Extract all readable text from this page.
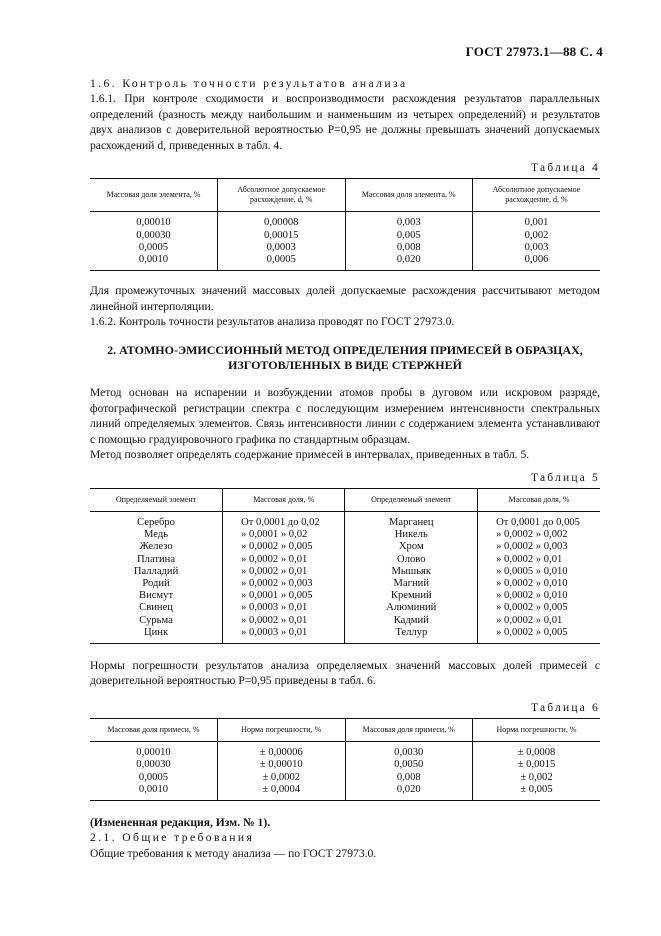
ГОСТ 27973.1—88 С. 4

1.6. Контроль точности результатов анализа

1.6.1. При контроле сходимости и воспроизводимости расхождения результатов параллельных определений (разность между наибольшим и наименьшим из четырех определений) и результатов двух анализов с доверительной вероятностью P=0,95 не должны превышать значений допускаемых расхождений d, приведенных в табл. 4.

Таблица 4
Массовая доля элемента, %	Абсолютное допускаемое расхождение, d, %	Массовая доля элемента, %	Абсолютное допускаемое расхождение, d, %
0,00010	0,00008	0,003	0,001
0,00030	0,00015	0,005	0,002
0,0005	0,0003	0,008	0,003
0,0010	0,0005	0,020	0,006

Для промежуточных значений массовых долей допускаемые расхождения рассчитывают методом линейной интерполяции.

1.6.2. Контроль точности результатов анализа проводят по ГОСТ 27973.0.

2. АТОМНО-ЭМИССИОННЫЙ МЕТОД ОПРЕДЕЛЕНИЯ ПРИМЕСЕЙ В ОБРАЗЦАХ, ИЗГОТОВЛЕННЫХ В ВИДЕ СТЕРЖНЕЙ

Метод основан на испарении и возбуждении атомов пробы в дуговом или искровом разряде, фотографической регистрации спектра с последующим измерением интенсивности спектральных линий определяемых элементов. Связь интенсивности линии с содержанием элемента устанавливают с помощью градуировочного графика по стандартным образцам.

Метод позволяет определять содержание примесей в интервалах, приведенных в табл. 5.

Таблица 5
Определяемый элемент	Массовая доля, %	Определяемый элемент	Массовая доля, %
Серебро	От 0,0001 до 0,02	Марганец	От 0,0001 до 0,005
Медь	» 0,0001 » 0,02	Никель	» 0,0002 » 0,002
Железо	» 0,0002 » 0,005	Хром	» 0,0002 » 0,003
Платина	» 0,0002 » 0,01	Олово	» 0,0002 » 0,01
Палладий	» 0,0002 » 0,01	Мышьяк	» 0,0005 » 0,010
Родий	» 0,0002 » 0,003	Магний	» 0,0002 » 0,010
Висмут	» 0,0001 » 0,005	Кремний	» 0,0002 » 0,010
Свинец	» 0,0003 » 0,01	Алюминий	» 0,0002 » 0,005
Сурьма	» 0,0002 » 0,01	Кадмий	» 0,0002 » 0,01
Цинк	» 0,0003 » 0,01	Теллур	» 0,0002 » 0,005

Нормы погрешности результатов анализа определяемых значений массовых долей примесей с доверительной вероятностью P=0,95 приведены в табл. 6.

Таблица 6
Массовая доля примеси, %	Норма погрешности, %	Массовая доля примеси, %	Норма погрешности, %
0,00010	± 0,00006	0,0030	± 0,0008
0,00030	± 0,00010	0,0050	± 0,0015
0,0005	± 0,0002	0,008	± 0,002
0,0010	± 0,0004	0,020	± 0,005

(Измененная редакция, Изм. № 1).

2.1. Общие требования

Общие требования к методу анализа — по ГОСТ 27973.0.
